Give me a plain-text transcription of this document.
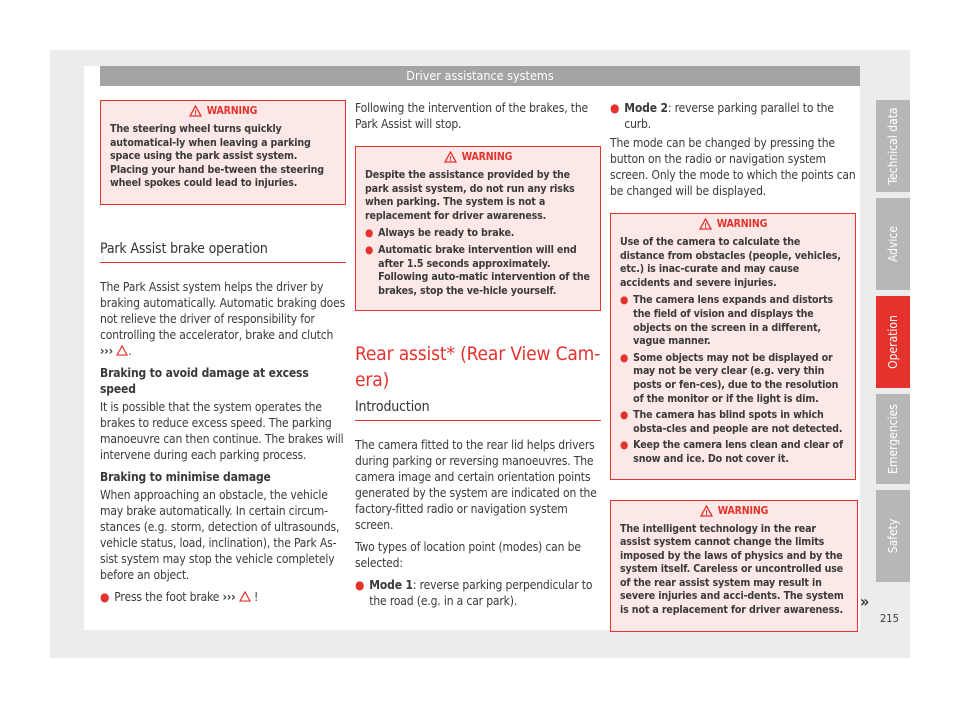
Driver assistance systems
! WARNING

The steering wheel turns quickly automatical-ly when leaving a parking space using the park assist system. Placing your hand be-tween the steering wheel spokes could lead to injuries.

Park Assist brake operation
The Park Assist system helps the driver by braking automatically. Automatic braking does not relieve the driver of responsibility for controlling the accelerator, brake and clutch ››› .
Braking to avoid damage at excess speed
It is possible that the system operates the brakes to reduce excess speed. The parking manoeuvre can then continue. The brakes will intervene during each parking process.
Braking to minimise damage
When approaching an obstacle, the vehicle may brake automatically. In certain circum-stances (e.g. storm, detection of ultrasounds, vehicle status, load, inclination), the Park As-sist system may stop the vehicle completely before an object.
● Press the foot brake ›››  !
Following the intervention of the brakes, the Park Assist will stop.
! WARNING

Despite the assistance provided by the park assist system, do not run any risks when parking. The system is not a replacement for driver awareness.

● Always be ready to brake.
● Automatic brake intervention will end after 1.5 seconds approximately. Following auto-matic intervention of the brakes, stop the ve-hicle yourself.
Rear assist* (Rear View Cam-era)
Introduction
The camera fitted to the rear lid helps drivers during parking or reversing manoeuvres. The camera image and certain orientation points generated by the system are indicated on the factory-fitted radio or navigation system screen.
Two types of location point (modes) can be selected:
● Mode 1: reverse parking perpendicular to the road (e.g. in a car park).
● Mode 2: reverse parking parallel to the curb.
The mode can be changed by pressing the button on the radio or navigation system screen. Only the mode to which the points can be changed will be displayed.
! WARNING

Use of the camera to calculate the distance from obstacles (people, vehicles, etc.) is inac-curate and may cause accidents and severe injuries.

● The camera lens expands and distorts the field of vision and displays the objects on the screen in a different, vague manner.
● Some objects may not be displayed or may not be very clear (e.g. very thin posts or fen-ces), due to the resolution of the monitor or if the light is dim.
● The camera has blind spots in which obsta-cles and people are not detected.
● Keep the camera lens clean and clear of snow and ice. Do not cover it.
! WARNING

The intelligent technology in the rear assist system cannot change the limits imposed by the laws of physics and by the system itself. Careless or uncontrolled use of the rear assist system may result in severe injuries and acci-dents. The system is not a replacement for driver awareness.	»
215
Technical data
Advice
Operation
Emergencies
Safety
